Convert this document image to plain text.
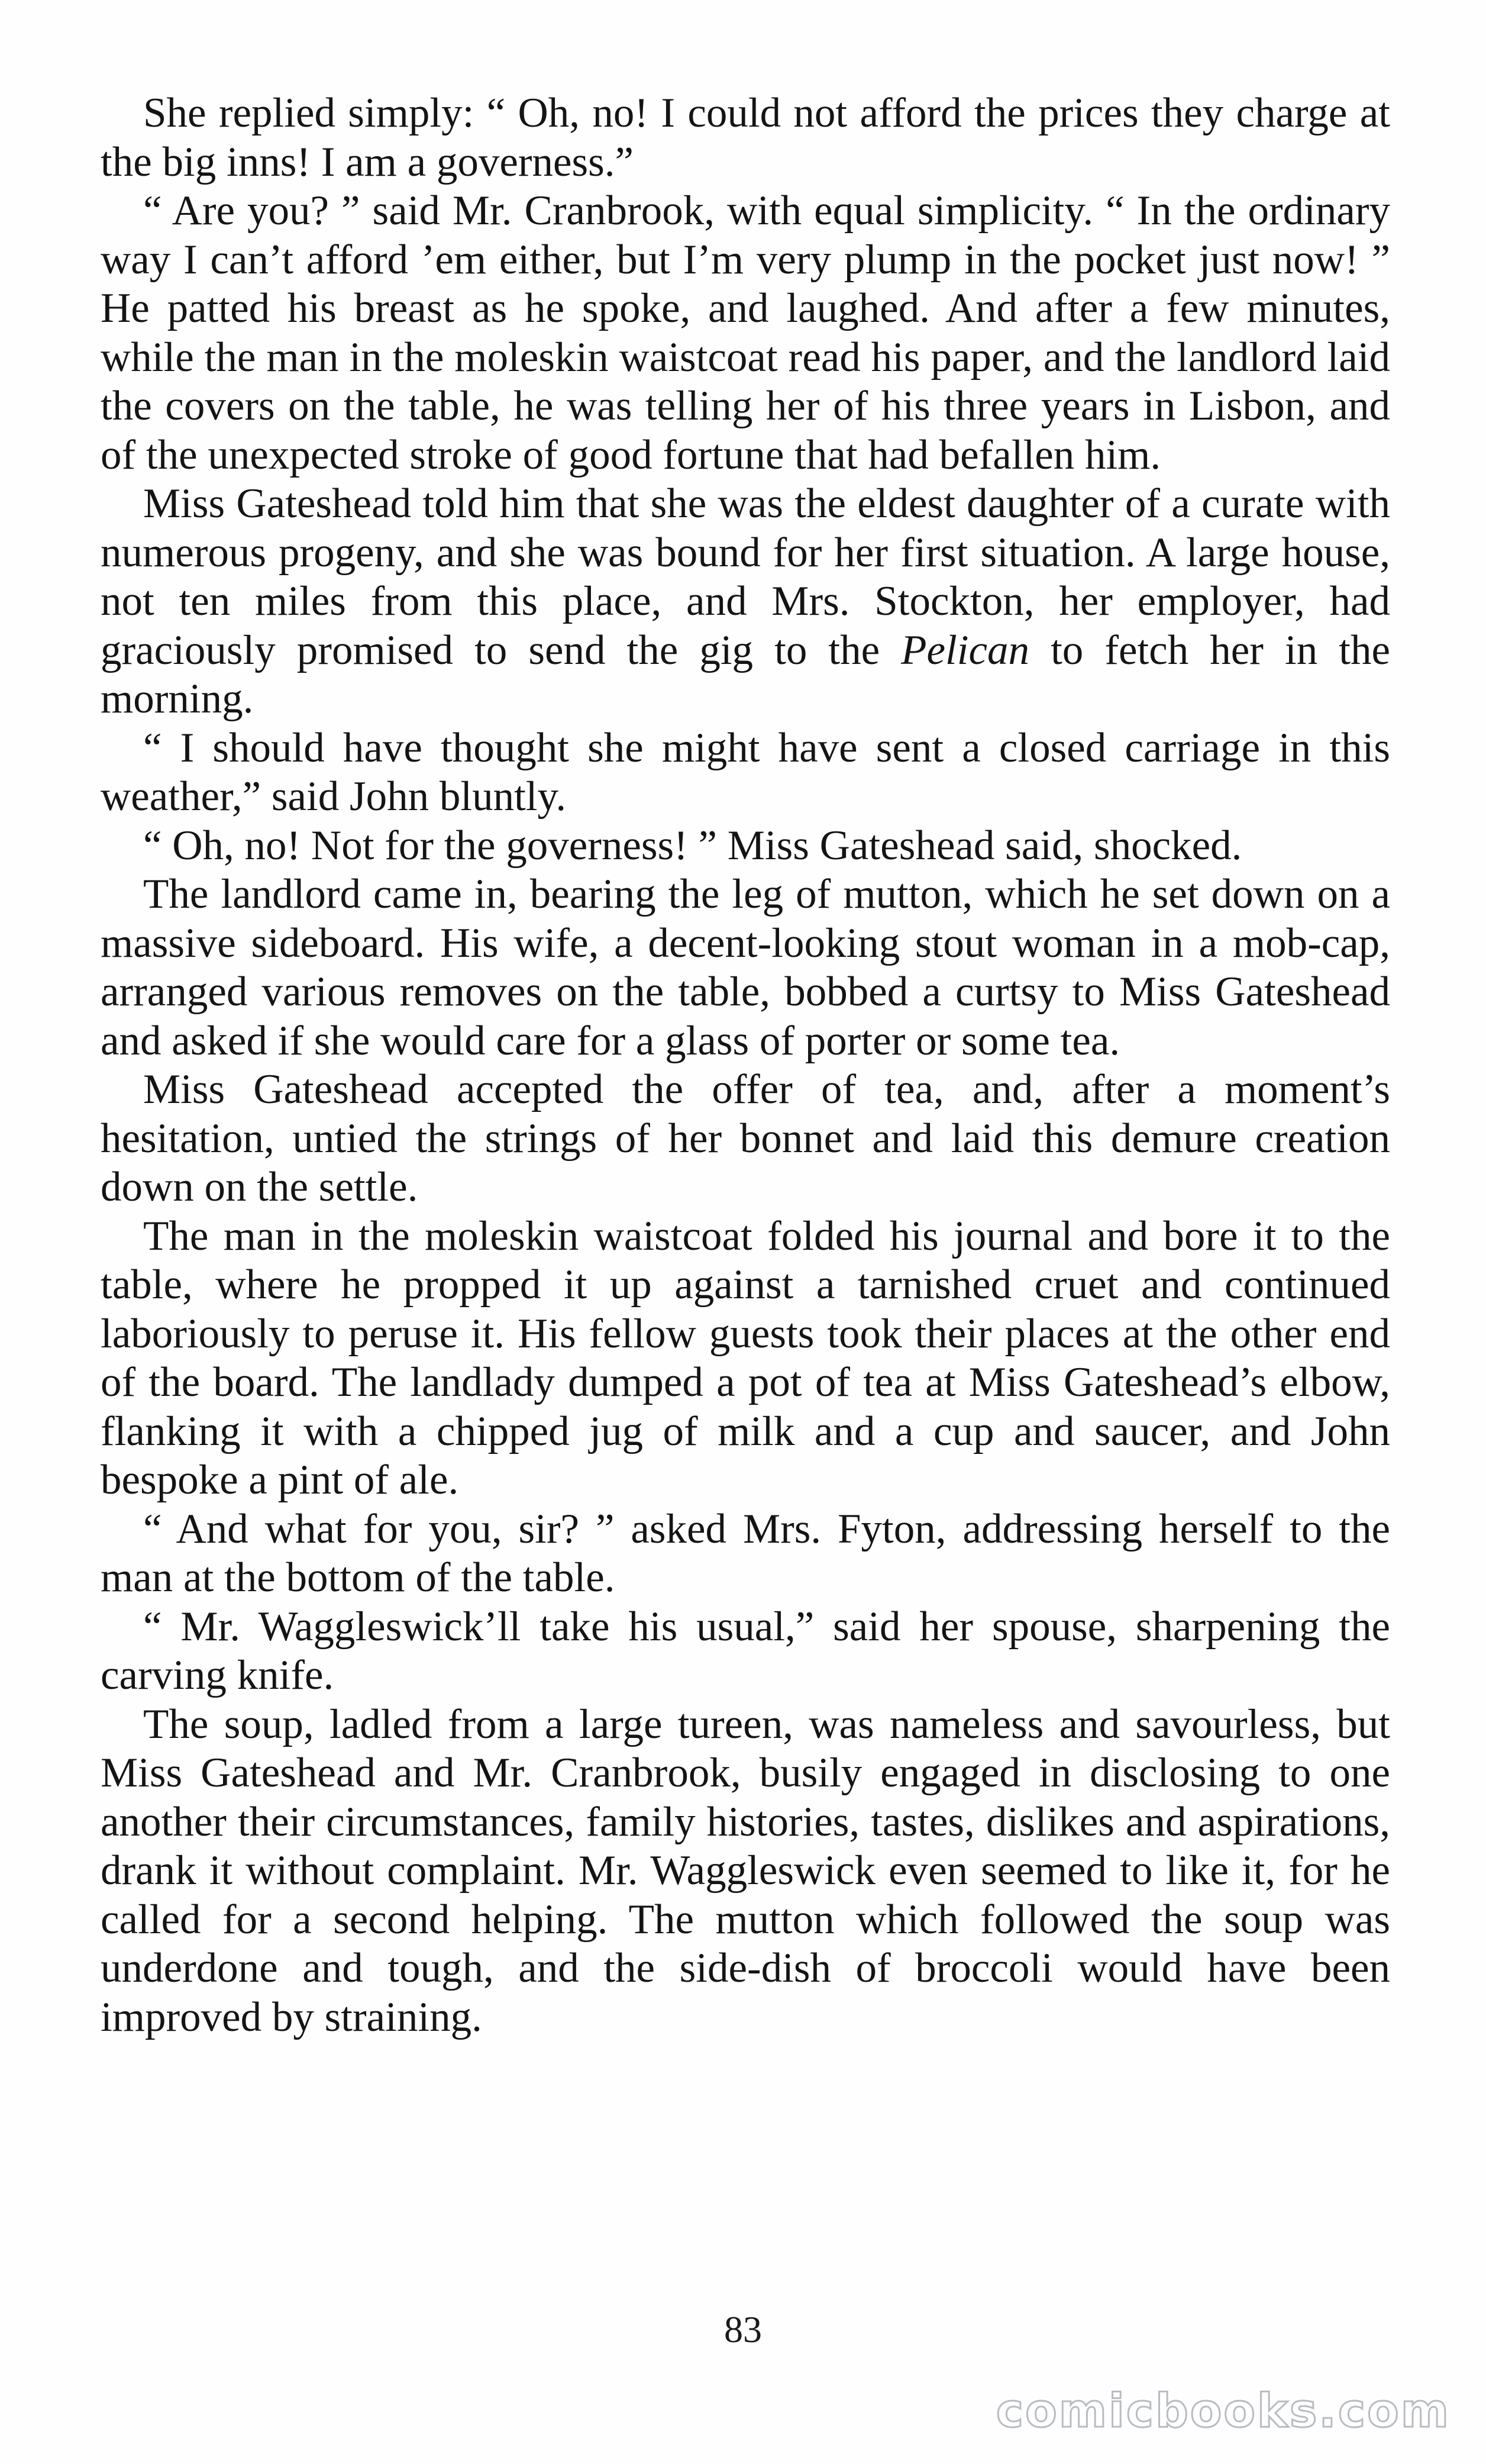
She replied simply: “ Oh, no! I could not afford the prices they charge at the big inns! I am a governess.”

“ Are you? ” said Mr. Cranbrook, with equal simplicity. “ In the ordinary way I can’t afford ’em either, but I’m very plump in the pocket just now! ” He patted his breast as he spoke, and laughed. And after a few minutes, while the man in the moleskin waistcoat read his paper, and the landlord laid the covers on the table, he was telling her of his three years in Lisbon, and of the unexpected stroke of good fortune that had befallen him.

Miss Gateshead told him that she was the eldest daughter of a curate with numerous progeny, and she was bound for her first situation. A large house, not ten miles from this place, and Mrs. Stockton, her employer, had graciously promised to send the gig to the Pelican to fetch her in the morning.

“ I should have thought she might have sent a closed carriage in this weather,” said John bluntly.

“ Oh, no! Not for the governess! ” Miss Gateshead said, shocked.

The landlord came in, bearing the leg of mutton, which he set down on a massive sideboard. His wife, a decent-looking stout woman in a mob-cap, arranged various removes on the table, bobbed a curtsy to Miss Gateshead and asked if she would care for a glass of porter or some tea.

Miss Gateshead accepted the offer of tea, and, after a moment’s hesitation, untied the strings of her bonnet and laid this demure creation down on the settle.

The man in the moleskin waistcoat folded his journal and bore it to the table, where he propped it up against a tarnished cruet and continued laboriously to peruse it. His fellow guests took their places at the other end of the board. The landlady dumped a pot of tea at Miss Gateshead’s elbow, flanking it with a chipped jug of milk and a cup and saucer, and John bespoke a pint of ale.

“ And what for you, sir? ” asked Mrs. Fyton, addressing herself to the man at the bottom of the table.

“ Mr. Waggleswick’ll take his usual,” said her spouse, sharpening the carving knife.

The soup, ladled from a large tureen, was nameless and savourless, but Miss Gateshead and Mr. Cranbrook, busily engaged in disclosing to one another their circumstances, family histories, tastes, dislikes and aspirations, drank it without complaint. Mr. Waggleswick even seemed to like it, for he called for a second helping. The mutton which followed the soup was underdone and tough, and the side-dish of broccoli would have been improved by straining.

83
comicbooks.com
